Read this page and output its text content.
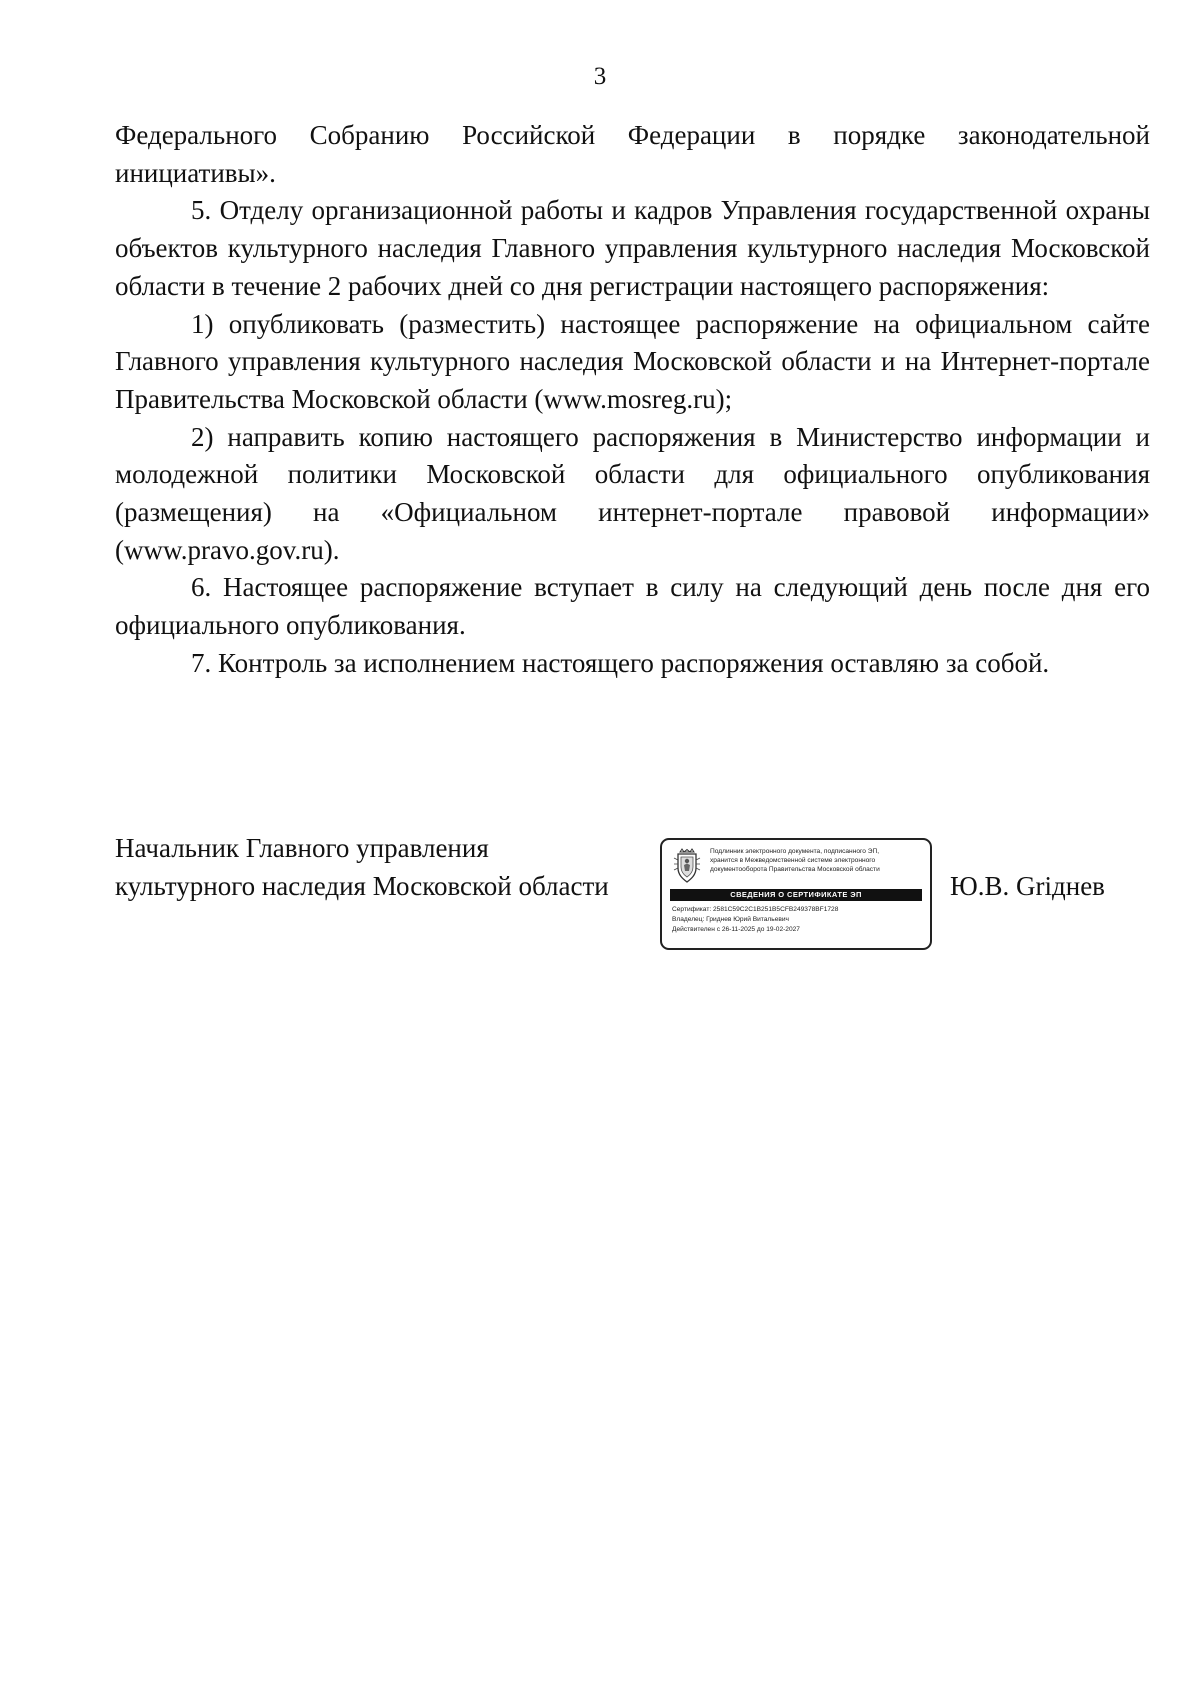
3

Федерального Собранию Российской Федерации в порядке законодательной инициативы».

5. Отделу организационной работы и кадров Управления государственной охраны объектов культурного наследия Главного управления культурного наследия Московской области в течение 2 рабочих дней со дня регистрации настоящего распоряжения:

1) опубликовать (разместить) настоящее распоряжение на официальном сайте Главного управления культурного наследия Московской области и на Интернет-портале Правительства Московской области (www.mosreg.ru);

2) направить копию настоящего распоряжения в Министерство информации и молодежной политики Московской области для официального опубликования (размещения) на «Официальном интернет-портале правовой информации» (www.pravo.gov.ru).

6. Настоящее распоряжение вступает в силу на следующий день после дня его официального опубликования.

7. Контроль за исполнением настоящего распоряжения оставляю за собой.

Начальник Главного управления
культурного наследия Московской области

Подлинник электронного документа, подписанного ЭП,
хранится в Межведомственной системе электронного
документооборота Правительства Московской области

СВЕДЕНИЯ О СЕРТИФИКАТЕ ЭП
Сертификат: 2581C59C2C1B251B5CFB249378BF1728
Владелец: Гриднев Юрий Витальевич
Действителен с 26-11-2025 до 19-02-2027
Ю.В. Griднев
